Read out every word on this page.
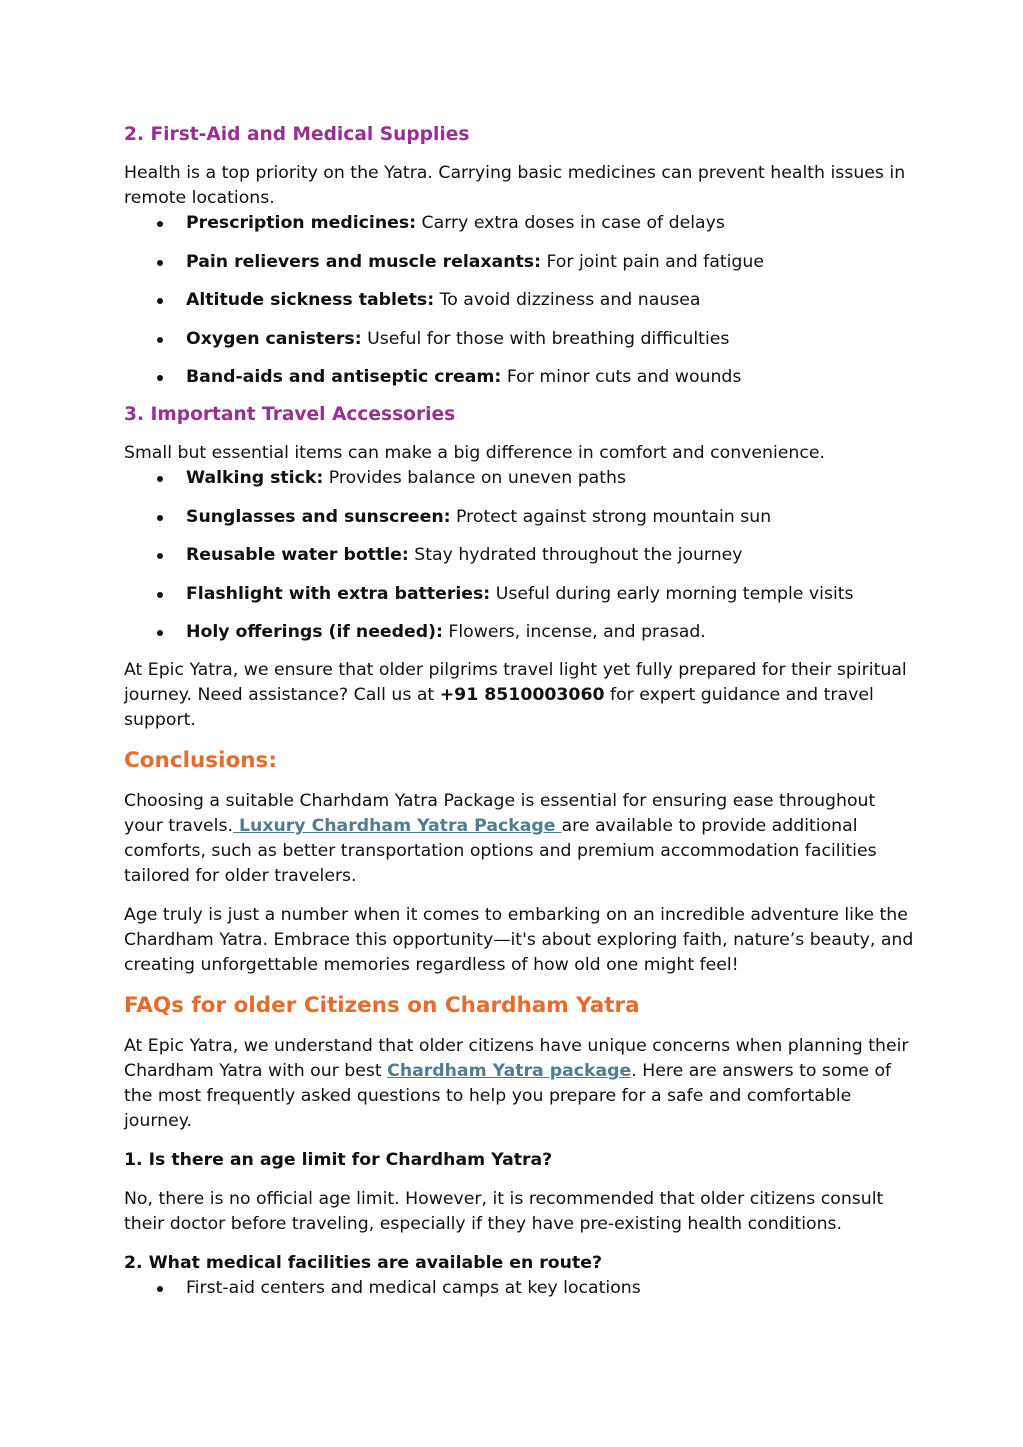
2. First-Aid and Medical Supplies

Health is a top priority on the Yatra. Carrying basic medicines can prevent health issues in remote locations.

Prescription medicines: Carry extra doses in case of delays
Pain relievers and muscle relaxants: For joint pain and fatigue
Altitude sickness tablets: To avoid dizziness and nausea
Oxygen canisters: Useful for those with breathing difficulties
Band-aids and antiseptic cream: For minor cuts and wounds
3. Important Travel Accessories

Small but essential items can make a big difference in comfort and convenience.

Walking stick: Provides balance on uneven paths
Sunglasses and sunscreen: Protect against strong mountain sun
Reusable water bottle: Stay hydrated throughout the journey
Flashlight with extra batteries: Useful during early morning temple visits
Holy offerings (if needed): Flowers, incense, and prasad.

At Epic Yatra, we ensure that older pilgrims travel light yet fully prepared for their spiritual journey. Need assistance? Call us at +91 8510003060 for expert guidance and travel support.

Conclusions:

Choosing a suitable Charhdam Yatra Package is essential for ensuring ease throughout your travels. Luxury Chardham Yatra Package are available to provide additional comforts, such as better transportation options and premium accommodation facilities tailored for older travelers.

Age truly is just a number when it comes to embarking on an incredible adventure like the Chardham Yatra. Embrace this opportunity—it's about exploring faith, nature’s beauty, and creating unforgettable memories regardless of how old one might feel!

FAQs for older Citizens on Chardham Yatra

At Epic Yatra, we understand that older citizens have unique concerns when planning their Chardham Yatra with our best Chardham Yatra package. Here are answers to some of the most frequently asked questions to help you prepare for a safe and comfortable journey.

1. Is there an age limit for Chardham Yatra?

No, there is no official age limit. However, it is recommended that older citizens consult their doctor before traveling, especially if they have pre-existing health conditions.

2. What medical facilities are available en route?

First-aid centers and medical camps at key locations
